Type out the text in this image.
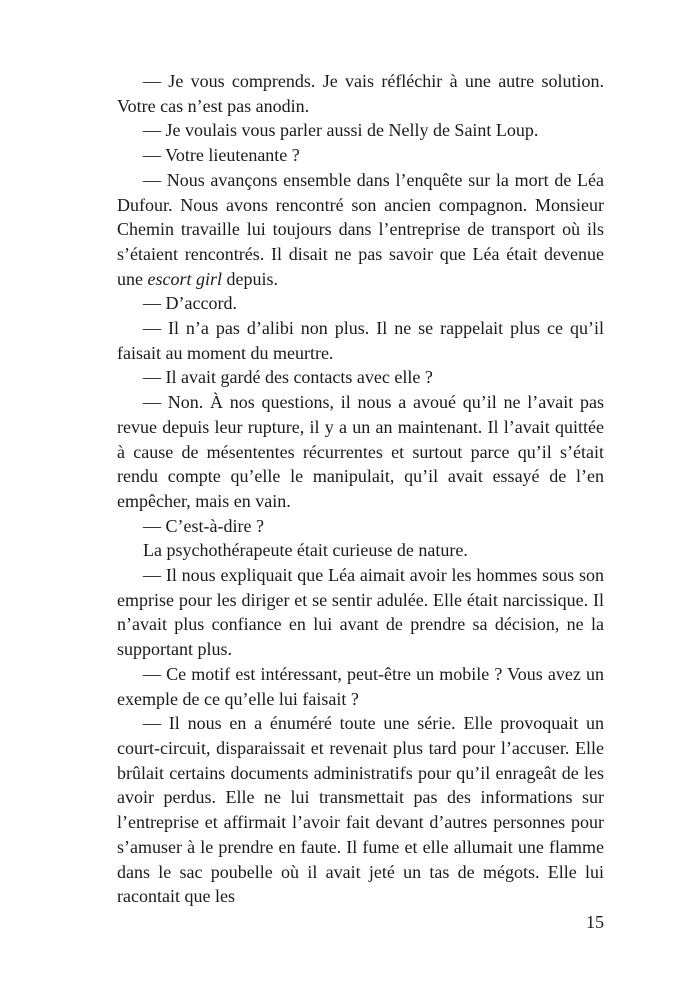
— Je vous comprends. Je vais réfléchir à une autre solution. Votre cas n’est pas anodin.

— Je voulais vous parler aussi de Nelly de Saint Loup.

— Votre lieutenante ?

— Nous avançons ensemble dans l’enquête sur la mort de Léa Dufour. Nous avons rencontré son ancien compagnon. Monsieur Chemin travaille lui toujours dans l’entreprise de transport où ils s’étaient rencontrés. Il disait ne pas savoir que Léa était devenue une escort girl depuis.

— D’accord.

— Il n’a pas d’alibi non plus. Il ne se rappelait plus ce qu’il faisait au moment du meurtre.

— Il avait gardé des contacts avec elle ?

— Non. À nos questions, il nous a avoué qu’il ne l’avait pas revue depuis leur rupture, il y a un an maintenant. Il l’avait quittée à cause de mésententes récurrentes et surtout parce qu’il s’était rendu compte qu’elle le manipulait, qu’il avait essayé de l’en empêcher, mais en vain.

— C’est-à-dire ?

La psychothérapeute était curieuse de nature.

— Il nous expliquait que Léa aimait avoir les hommes sous son emprise pour les diriger et se sentir adulée. Elle était narcissique. Il n’avait plus confiance en lui avant de prendre sa décision, ne la supportant plus.

— Ce motif est intéressant, peut-être un mobile ? Vous avez un exemple de ce qu’elle lui faisait ?

— Il nous en a énuméré toute une série. Elle provoquait un court-circuit, disparaissait et revenait plus tard pour l’accuser. Elle brûlait certains documents administratifs pour qu’il enrageât de les avoir perdus. Elle ne lui transmettait pas des informations sur l’entreprise et affirmait l’avoir fait devant d’autres personnes pour s’amuser à le prendre en faute. Il fume et elle allumait une flamme dans le sac poubelle où il avait jeté un tas de mégots. Elle lui racontait que les

15
